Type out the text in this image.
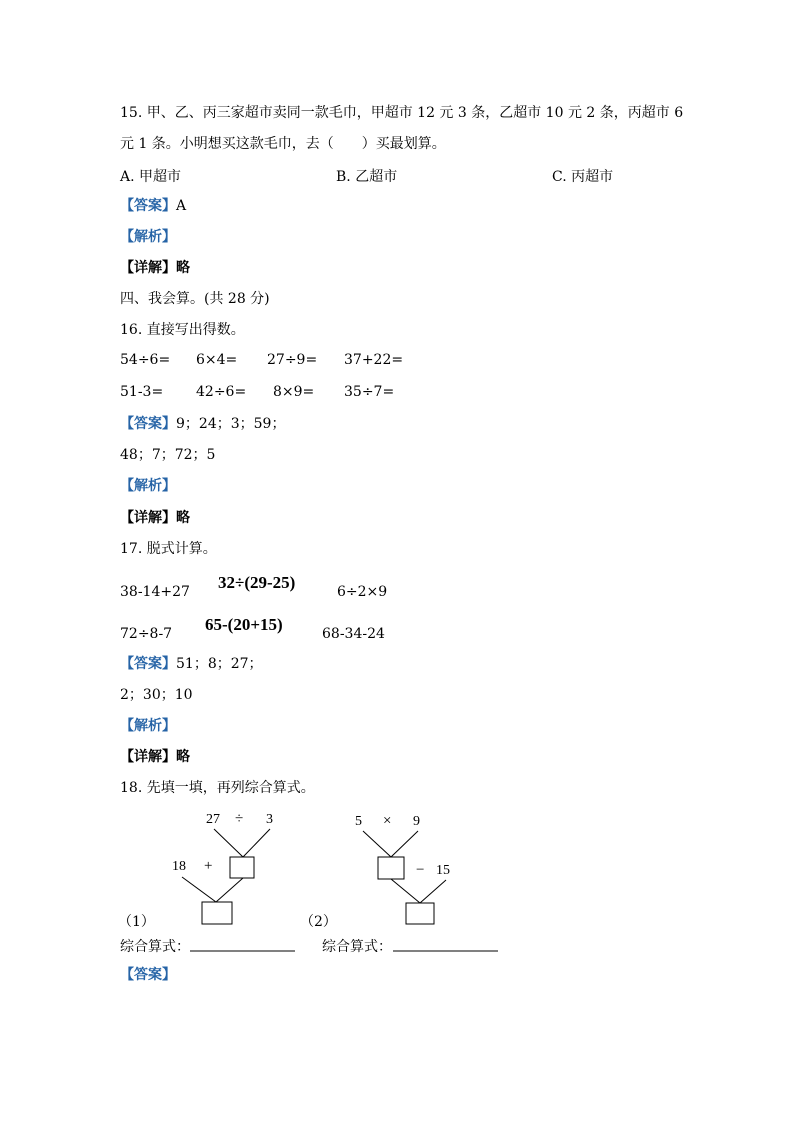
15. 甲、乙、丙三家超市卖同一款毛巾，甲超市 12 元 3 条，乙超市 10 元 2 条，丙超市 6
元 1 条。小明想买这款毛巾，去（　　）买最划算。
A. 甲超市	B. 乙超市	C. 丙超市
【答案】A
【解析】
【详解】略
四、我会算。(共 28 分)
16. 直接写出得数。
54÷6= 6×4= 27÷9= 37+22=
51-3= 42÷6= 8×9= 35÷7=
【答案】9；24；3；59；
48；7；72；5
【解析】
【详解】略
17. 脱式计算。
38-14+27 32÷(29-25)	6÷2×9
72÷8-7 65-(20+15)	68-34-24
【答案】51；8；27；
2；30；10
【解析】
【详解】略
18. 先填一填，再列综合算式。
27 ÷ 3
18 +
5 × 9
− 15
（1）	（2）
综合算式：	综合算式：
【答案】
